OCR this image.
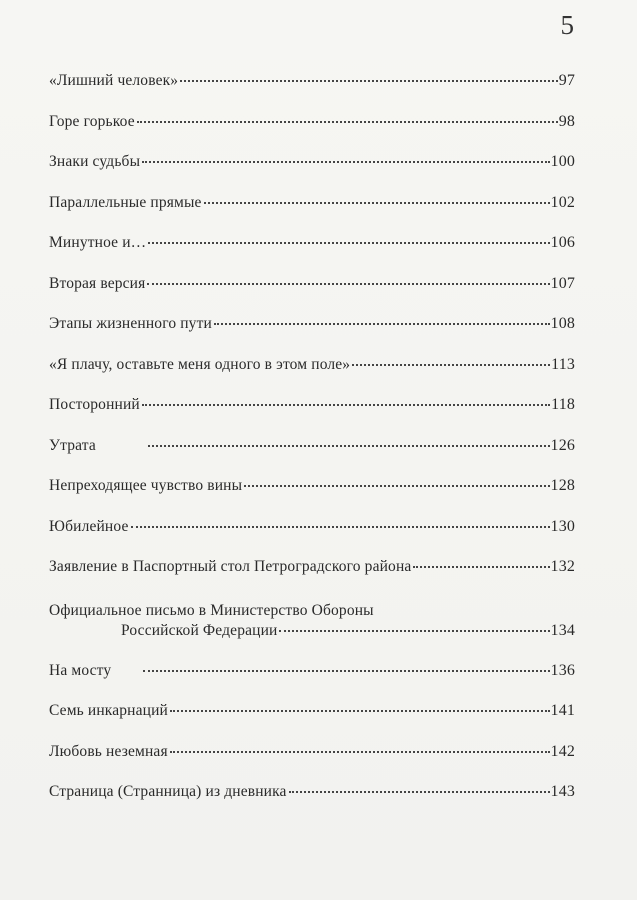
5
«Лишний человек»	97
Горе горькое	98
Знаки судьбы	100
Параллельные прямые	102
Минутное и…	106
Вторая версия	107
Этапы жизненного пути	108
«Я плачу, оставьте меня одного в этом поле»	113
Посторонний	118
Утрата	126
Непреходящее чувство вины	128
Юбилейное	130
Заявление в Паспортный стол Петроградского района	132
Официальное письмо в Министерство Обороны
Российской Федерации	134
На мосту	136
Семь инкарнаций	141
Любовь неземная	142
Страница (Странница) из дневника	143
